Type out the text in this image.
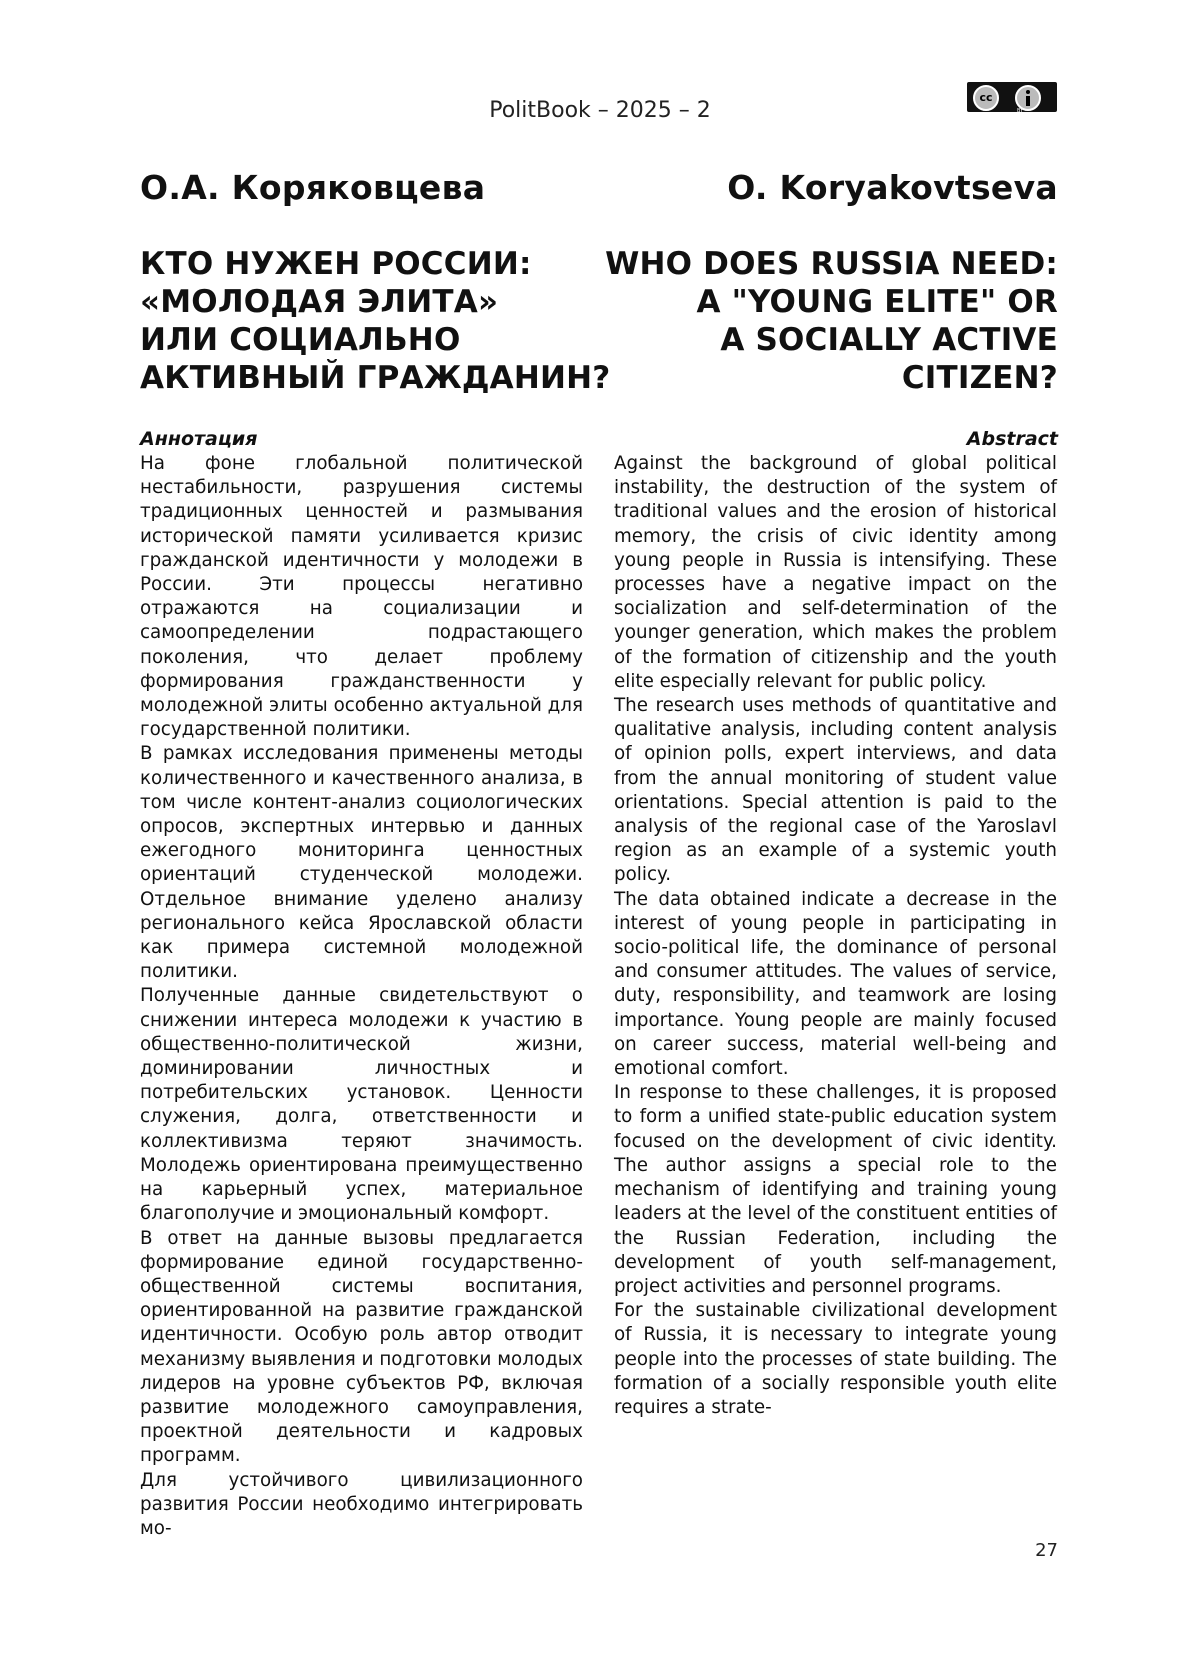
PolitBook – 2025 – 2
cc
BY
О.А. Коряковцева	O. Koryakovtseva
КТО НУЖЕН РОССИИ:
«МОЛОДАЯ ЭЛИТА»
ИЛИ СОЦИАЛЬНО
АКТИВНЫЙ ГРАЖДАНИН?
WHO DOES RUSSIA NEED:
A "YOUNG ELITE" OR
A SOCIALLY ACTIVE
CITIZEN?
Аннотация	Abstract

На фоне глобальной политической нестабильности, разрушения системы традиционных ценностей и размывания исторической памяти усиливается кризис гражданской идентичности у молодежи в России. Эти процессы негативно отражаются на социализации и самоопределении подрастающего поколения, что делает проблему формирования гражданственности у молодежной элиты особенно актуальной для государственной политики.

В рамках исследования применены методы количественного и качественного анализа, в том числе контент-анализ социологических опросов, экспертных интервью и данных ежегодного мониторинга ценностных ориентаций студенческой молодежи. Отдельное внимание уделено анализу регионального кейса Ярославской области как примера системной молодежной политики.

Полученные данные свидетельствуют о снижении интереса молодежи к участию в общественно-политической жизни, доминировании личностных и потребительских установок. Ценности служения, долга, ответственности и коллективизма теряют значимость. Молодежь ориентирована преимущественно на карьерный успех, материальное благополучие и эмоциональный комфорт.

В ответ на данные вызовы предлагается формирование единой государственно-общественной системы воспитания, ориентированной на развитие гражданской идентичности. Особую роль автор отводит механизму выявления и подготовки молодых лидеров на уровне субъектов РФ, включая развитие молодежного самоуправления, проектной деятельности и кадровых программ.

Для устойчивого цивилизационного развития России необходимо интегрировать мо-

Against the background of global political instability, the destruction of the system of traditional values and the erosion of historical memory, the crisis of civic identity among young people in Russia is intensifying. These processes have a negative impact on the socialization and self-determination of the younger generation, which makes the problem of the formation of citizenship and the youth elite especially relevant for public policy.

The research uses methods of quantitative and qualitative analysis, including content analysis of opinion polls, expert interviews, and data from the annual monitoring of student value orientations. Special attention is paid to the analysis of the regional case of the Yaroslavl region as an example of a systemic youth policy.

The data obtained indicate a decrease in the interest of young people in participating in socio-political life, the dominance of personal and consumer attitudes. The values of service, duty, responsibility, and teamwork are losing importance. Young people are mainly focused on career success, material well-being and emotional comfort.

In response to these challenges, it is proposed to form a unified state-public education system focused on the development of civic identity. The author assigns a special role to the mechanism of identifying and training young leaders at the level of the constituent entities of the Russian Federation, including the development of youth self-management, project activities and personnel programs.

For the sustainable civilizational development of Russia, it is necessary to integrate young people into the processes of state building. The formation of a socially responsible youth elite requires a strate-

27
